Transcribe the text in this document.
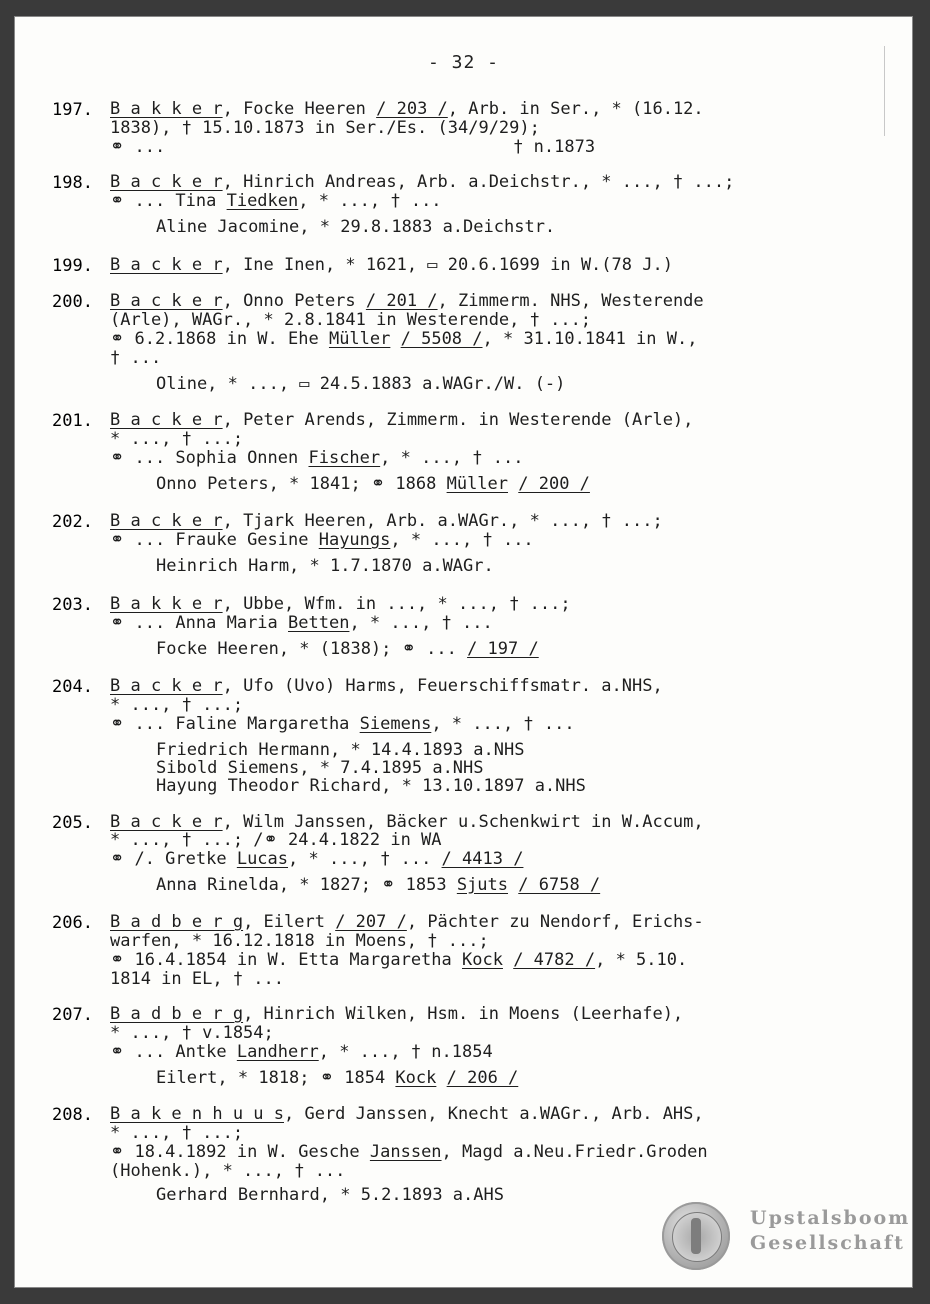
- 32 -
197. B a k k e r, Focke Heeren / 203 /, Arb. in Ser., * (16.12.
1838), † 15.10.1873 in Ser./Es. (34/9/29);
⚭ ...                                  † n.1873
198. B a c k e r, Hinrich Andreas, Arb. a.Deichstr., * ..., † ...;
⚭ ... Tina Tiedken, * ..., † ...
Aline Jacomine, * 29.8.1883 a.Deichstr.
199. B a c k e r, Ine Inen, * 1621, ▭ 20.6.1699 in W.(78 J.)
200. B a c k e r, Onno Peters / 201 /, Zimmerm. NHS, Westerende
(Arle), WAGr., * 2.8.1841 in Westerende, † ...;
⚭ 6.2.1868 in W. Ehe Müller / 5508 /, * 31.10.1841 in W.,
† ...
Oline, * ..., ▭ 24.5.1883 a.WAGr./W. (-)
201. B a c k e r, Peter Arends, Zimmerm. in Westerende (Arle),
* ..., † ...;
⚭ ... Sophia Onnen Fischer, * ..., † ...
Onno Peters, * 1841; ⚭ 1868 Müller / 200 /
202. B a c k e r, Tjark Heeren, Arb. a.WAGr., * ..., † ...;
⚭ ... Frauke Gesine Hayungs, * ..., † ...
Heinrich Harm, * 1.7.1870 a.WAGr.
203. B a k k e r, Ubbe, Wfm. in ..., * ..., † ...;
⚭ ... Anna Maria Betten, * ..., † ...
Focke Heeren, * (1838); ⚭ ... / 197 /
204. B a c k e r, Ufo (Uvo) Harms, Feuerschiffsmatr. a.NHS,
* ..., † ...;
⚭ ... Faline Margaretha Siemens, * ..., † ...
Friedrich Hermann, * 14.4.1893 a.NHS
Sibold Siemens, * 7.4.1895 a.NHS
Hayung Theodor Richard, * 13.10.1897 a.NHS
205. B a c k e r, Wilm Janssen, Bäcker u.Schenkwirt in W.Accum,
* ..., † ...; /⚭ 24.4.1822 in WA
⚭ /. Gretke Lucas, * ..., † ... / 4413 /
Anna Rinelda, * 1827; ⚭ 1853 Sjuts / 6758 /
206. B a d b e r g, Eilert / 207 /, Pächter zu Nendorf, Erichs-
warfen, * 16.12.1818 in Moens, † ...;
⚭ 16.4.1854 in W. Etta Margaretha Kock / 4782 /, * 5.10.
1814 in EL, † ...
207. B a d b e r g, Hinrich Wilken, Hsm. in Moens (Leerhafe),
* ..., † v.1854;
⚭ ... Antke Landherr, * ..., † n.1854
Eilert, * 1818; ⚭ 1854 Kock / 206 /
208. B a k e n h u u s, Gerd Janssen, Knecht a.WAGr., Arb. AHS,
* ..., † ...;
⚭ 18.4.1892 in W. Gesche Janssen, Magd a.Neu.Friedr.Groden
(Hohenk.), * ..., † ...
Gerhard Bernhard, * 5.2.1893 a.AHS
Upstalsboom
Gesellschaft
